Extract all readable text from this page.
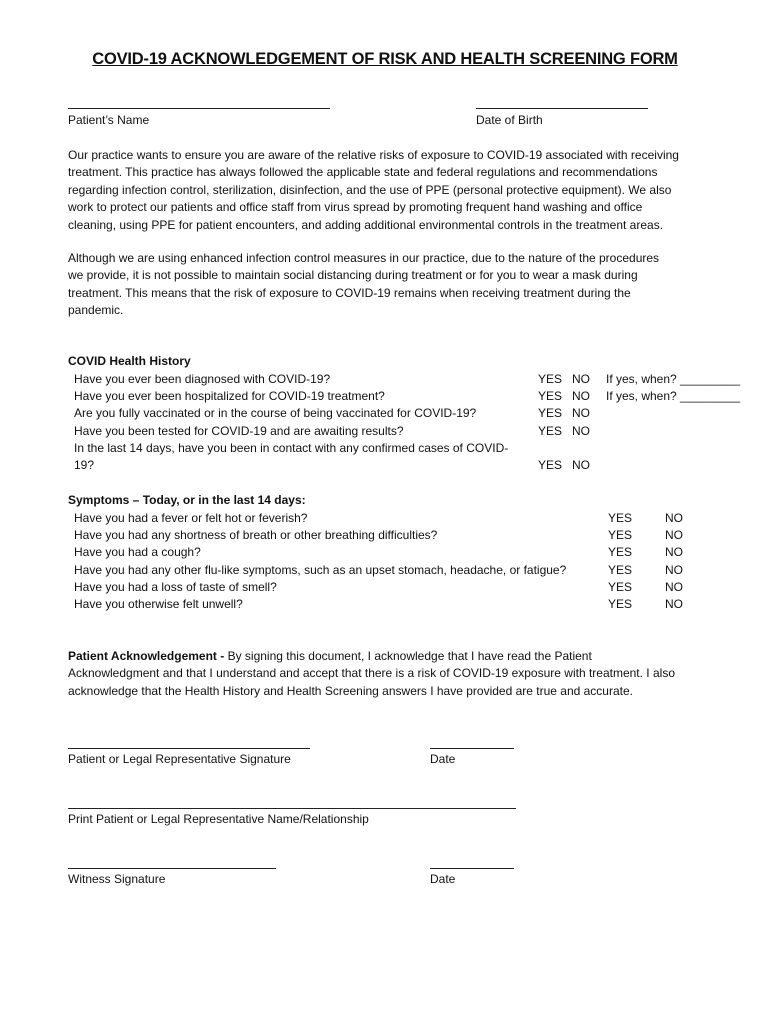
COVID-19 ACKNOWLEDGEMENT OF RISK AND HEALTH SCREENING FORM
Patient’s Name	Date of Birth
Our practice wants to ensure you are aware of the relative risks of exposure to COVID-19 associated with receiving
treatment. This practice has always followed the applicable state and federal regulations and recommendations
regarding infection control, sterilization, disinfection, and the use of PPE (personal protective equipment). We also
work to protect our patients and office staff from virus spread by promoting frequent hand washing and office
cleaning, using PPE for patient encounters, and adding additional environmental controls in the treatment areas.
Although we are using enhanced infection control measures in our practice, due to the nature of the procedures
we provide, it is not possible to maintain social distancing during treatment or for you to wear a mask during
treatment. This means that the risk of exposure to COVID-19 remains when receiving treatment during the
pandemic.
COVID Health History
Have you ever been diagnosed with COVID-19?	YES NO If yes, when? _________
Have you ever been hospitalized for COVID-19 treatment?	YES NO If yes, when? _________
Are you fully vaccinated or in the course of being vaccinated for COVID-19?	YES NO
Have you been tested for COVID-19 and are awaiting results?	YES NO
In the last 14 days, have you been in contact with any confirmed cases of COVID-
19?	YES NO
Symptoms – Today, or in the last 14 days:
Have you had a fever or felt hot or feverish?	YES	NO
Have you had any shortness of breath or other breathing difficulties?	YES	NO
Have you had a cough?	YES	NO
Have you had any other flu-like symptoms, such as an upset stomach, headache, or fatigue?	YES	NO
Have you had a loss of taste of smell?	YES	NO
Have you otherwise felt unwell?	YES	NO
Patient Acknowledgement - By signing this document, I acknowledge that I have read the Patient
Acknowledgment and that I understand and accept that there is a risk of COVID-19 exposure with treatment. I also
acknowledge that the Health History and Health Screening answers I have provided are true and accurate.
Patient or Legal Representative Signature	Date
Print Patient or Legal Representative Name/Relationship
Witness Signature	Date
